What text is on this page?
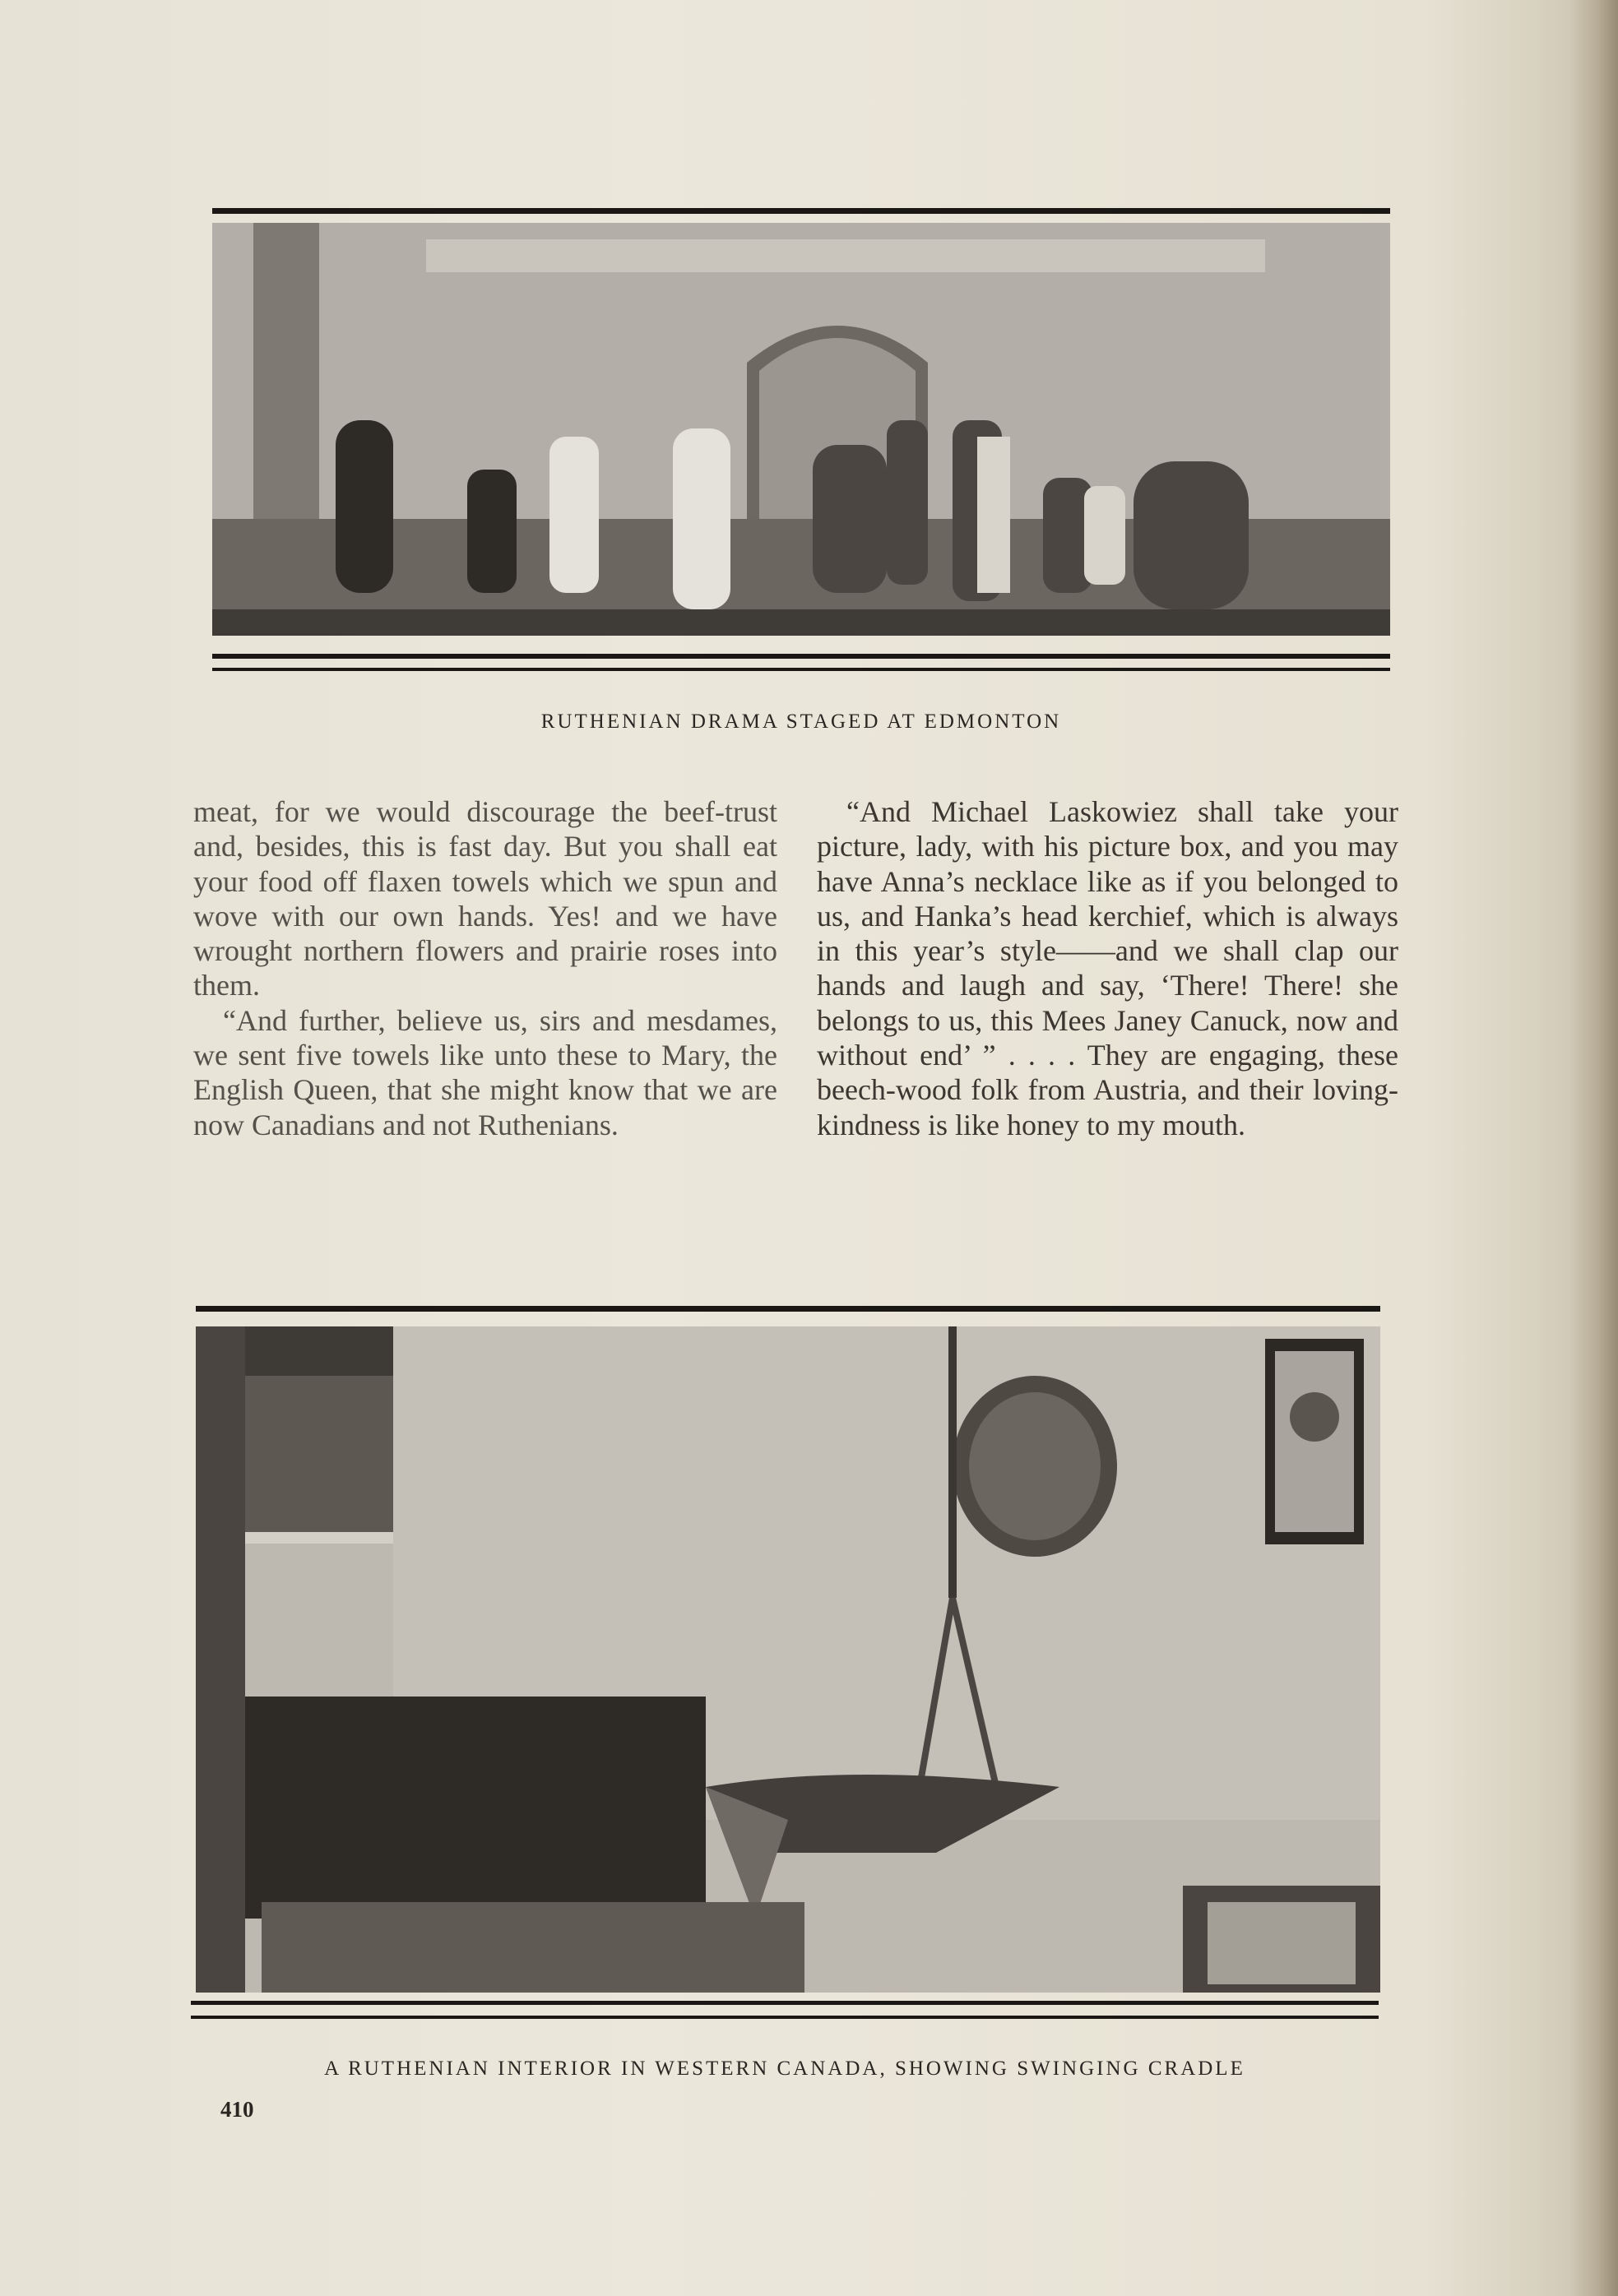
RUTHENIAN DRAMA STAGED AT EDMONTON

meat, for we would discourage the beef-trust and, besides, this is fast day. But you shall eat your food off flaxen towels which we spun and wove with our own hands. Yes! and we have wrought northern flowers and prairie roses into them.

“And further, believe us, sirs and mesdames, we sent five towels like unto these to Mary, the English Queen, that she might know that we are now Canadians and not Ruthenians.

“And Michael Laskowiez shall take your picture, lady, with his picture box, and you may have Anna’s necklace like as if you belonged to us, and Hanka’s head kerchief, which is always in this year’s style——and we shall clap our hands and laugh and say, ‘There! There! she belongs to us, this Mees Janey Canuck, now and without end’ ” . . . . They are engaging, these beech-wood folk from Austria, and their loving-kindness is like honey to my mouth.

A RUTHENIAN INTERIOR IN WESTERN CANADA, SHOWING SWINGING CRADLE
410
